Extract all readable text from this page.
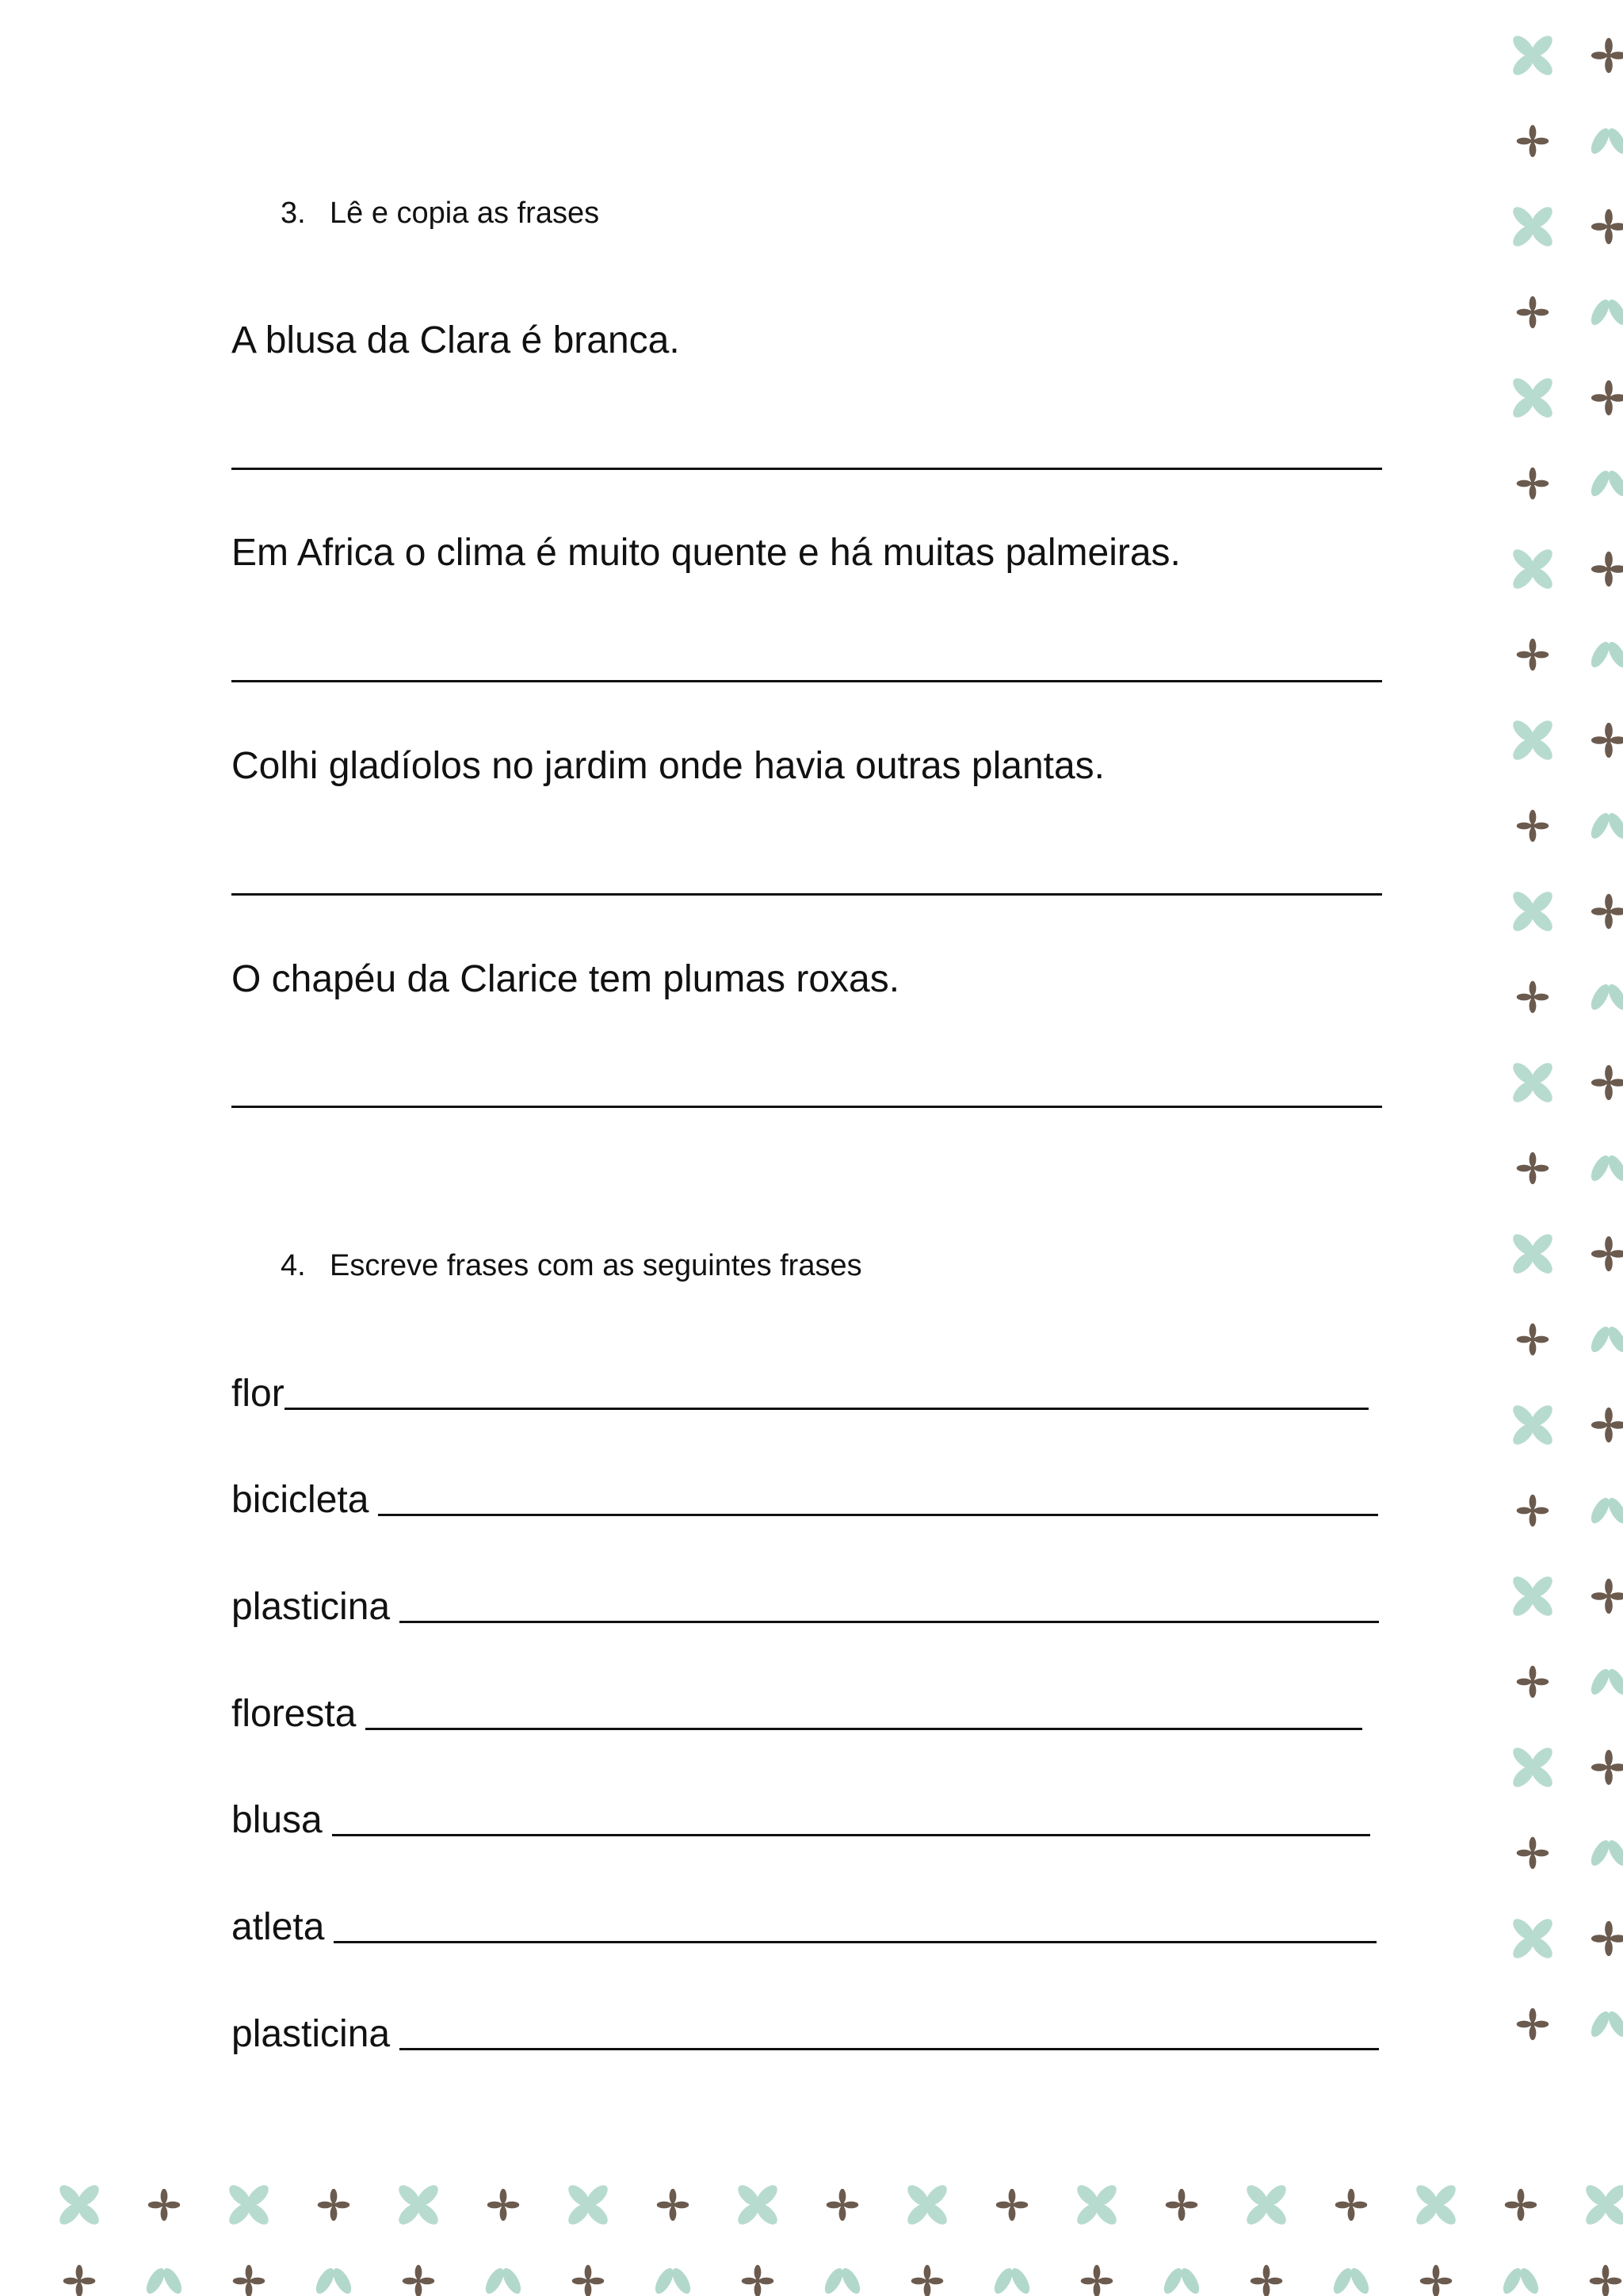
3. Lê e copia as frases
A blusa da Clara é branca.
Em Africa o clima é muito quente e há muitas palmeiras.
Colhi gladíolos no jardim onde havia outras plantas.
O chapéu da Clarice tem plumas roxas.
4. Escreve frases com as seguintes frases
flor
bicicleta
plasticina
floresta
blusa
atleta
plasticina
